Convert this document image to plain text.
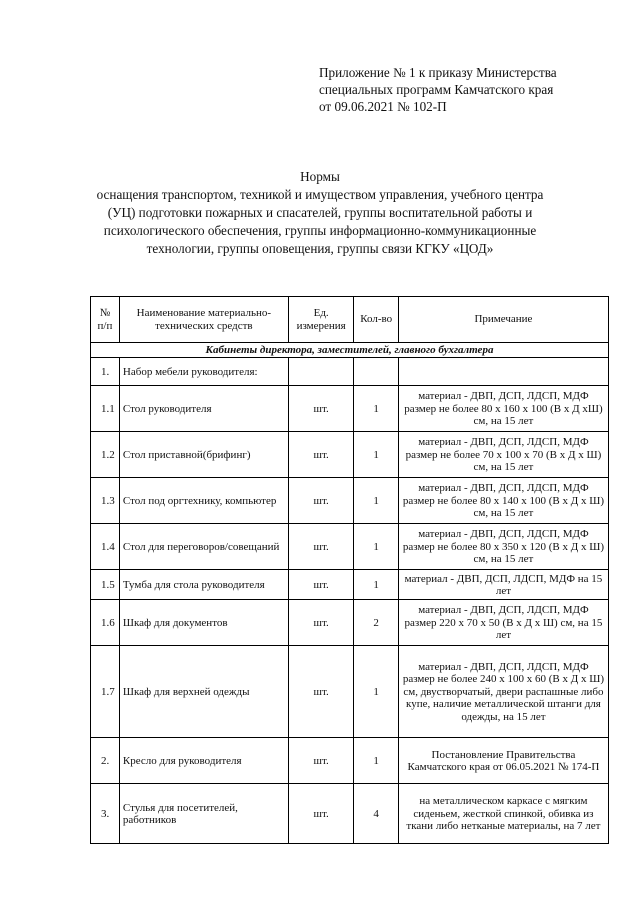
Приложение № 1 к приказу Министерства
специальных программ Камчатского края
от 09.06.2021 № 102-П
Нормы
оснащения транспортом, техникой и имуществом управления, учебного центра
(УЦ) подготовки пожарных и спасателей, группы воспитательной работы и
психологического обеспечения, группы информационно-коммуникационные
технологии, группы оповещения, группы связи КГКУ «ЦОД»
№ п/п	Наименование материально-технических средств	Ед. измерения	Кол-во	Примечание
Кабинеты директора, заместителей, главного бухгалтера				
1.	Набор мебели руководителя:			
1.1	Стол руководителя	шт.	1	материал - ДВП, ДСП, ЛДСП, МДФ размер не более 80 х 160 х 100 (В х Д хШ) см, на 15 лет
1.2	Стол приставной(брифинг)	шт.	1	материал - ДВП, ДСП, ЛДСП, МДФ размер не более 70 х 100 х 70 (В х Д х Ш) см, на 15 лет
1.3	Стол под оргтехнику, компьютер	шт.	1	материал - ДВП, ДСП, ЛДСП, МДФ размер не более 80 х 140 х 100 (В х Д х Ш) см, на 15 лет
1.4	Стол для переговоров/совещаний	шт.	1	материал - ДВП, ДСП, ЛДСП, МДФ размер не более 80 х 350 х 120 (В х Д х Ш) см, на 15 лет
1.5	Тумба для стола руководителя	шт.	1	материал - ДВП, ДСП, ЛДСП, МДФ на 15 лет
1.6	Шкаф для документов	шт.	2	материал - ДВП, ДСП, ЛДСП, МДФ размер 220 х 70 х 50 (В х Д х Ш) см, на 15 лет
1.7	Шкаф для верхней одежды	шт.	1	материал - ДВП, ДСП, ЛДСП, МДФ размер не более 240 х 100 х 60 (В х Д х Ш) см, двустворчатый, двери распашные либо купе, наличие металлической штанги для одежды, на 15 лет
2.	Кресло для руководителя	шт.	1	Постановление Правительства Камчатского края от 06.05.2021 № 174-П
3.	Стулья для посетителей, работников	шт.	4	на металлическом каркасе с мягким сиденьем, жесткой спинкой, обивка из ткани либо нетканые материалы, на 7 лет
